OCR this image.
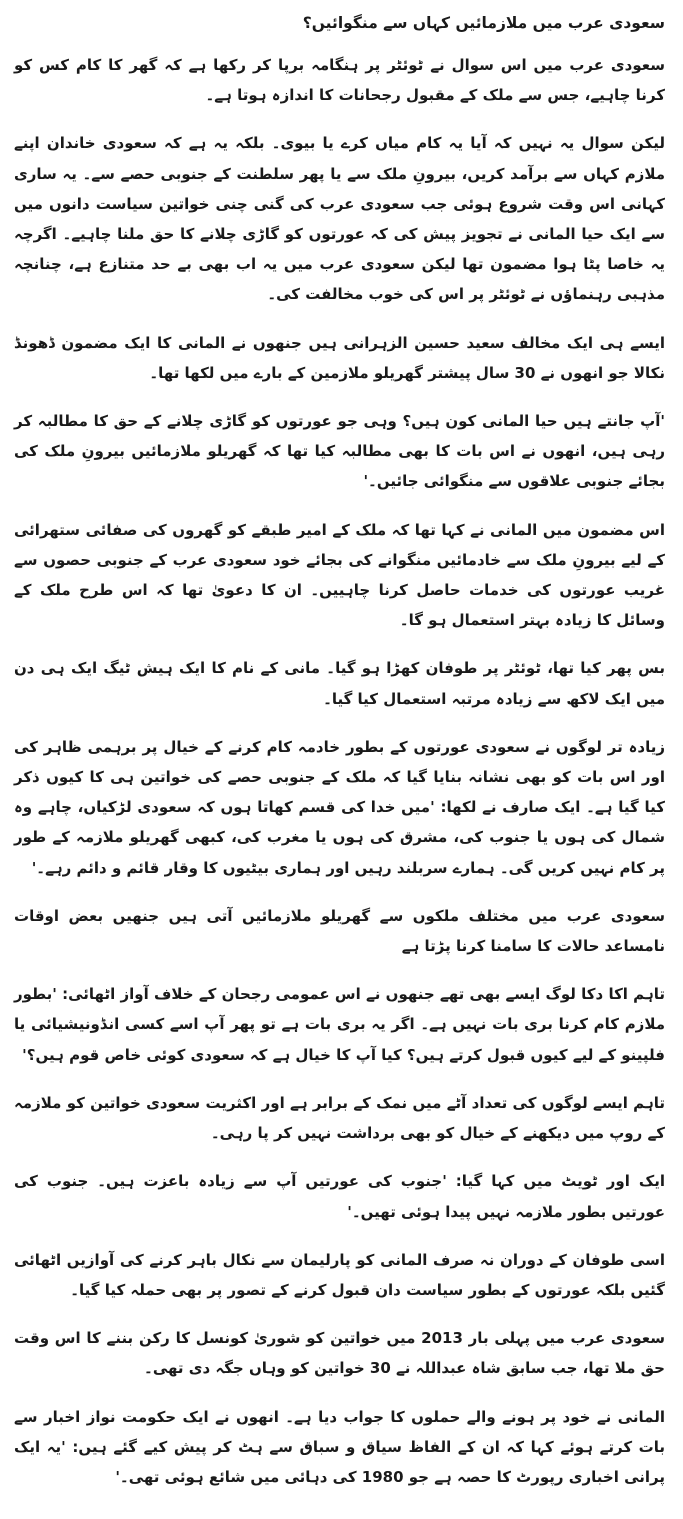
سعودی عرب میں ملازمائیں کہاں سے منگوائیں؟

سعودی عرب میں اس سوال نے ٹوئٹر پر ہنگامہ برپا کر رکھا ہے کہ گھر کا کام کس کو کرنا چاہیے، جس سے ملک کے مقبول رجحانات کا اندازہ ہوتا ہے۔

لیکن سوال یہ نہیں کہ آیا یہ کام میاں کرے یا بیوی۔ بلکہ یہ ہے کہ سعودی خاندان اپنے ملازم کہاں سے برآمد کریں، بیرونِ ملک سے یا پھر سلطنت کے جنوبی حصے سے۔ یہ ساری کہانی اس وقت شروع ہوئی جب سعودی عرب کی گنی چنی خواتین سیاست دانوں میں سے ایک حیا المانی نے تجویز پیش کی کہ عورتوں کو گاڑی چلانے کا حق ملنا چاہیے۔ اگرچہ یہ خاصا پٹا ہوا مضمون تھا لیکن سعودی عرب میں یہ اب بھی بے حد متنازع ہے، چنانچہ مذہبی رہنماؤں نے ٹوئٹر پر اس کی خوب مخالفت کی۔

ایسے ہی ایک مخالف سعید حسین الزہرانی ہیں جنھوں نے المانی کا ایک مضمون ڈھونڈ نکالا جو انھوں نے 30 سال پیشتر گھریلو ملازمین کے بارے میں لکھا تھا۔

'آپ جانتے ہیں حیا المانی کون ہیں؟ وہی جو عورتوں کو گاڑی چلانے کے حق کا مطالبہ کر رہی ہیں، انھوں نے اس بات کا بھی مطالبہ کیا تھا کہ گھریلو ملازمائیں بیرونِ ملک کی بجائے جنوبی علاقوں سے منگوائی جائیں۔'

اس مضمون میں المانی نے کہا تھا کہ ملک کے امیر طبقے کو گھروں کی صفائی ستھرائی کے لیے بیرونِ ملک سے خادمائیں منگوانے کی بجائے خود سعودی عرب کے جنوبی حصوں سے غریب عورتوں کی خدمات حاصل کرنا چاہییں۔ ان کا دعویٰ تھا کہ اس طرح ملک کے وسائل کا زیادہ بہتر استعمال ہو گا۔

بس پھر کیا تھا، ٹوئٹر پر طوفان کھڑا ہو گیا۔ مانی کے نام کا ایک ہیش ٹیگ ایک ہی دن میں ایک لاکھ سے زیادہ مرتبہ استعمال کیا گیا۔

زیادہ تر لوگوں نے سعودی عورتوں کے بطور خادمہ کام کرنے کے خیال پر برہمی ظاہر کی اور اس بات کو بھی نشانہ بنایا گیا کہ ملک کے جنوبی حصے کی خواتین ہی کا کیوں ذکر کیا گیا ہے۔ ایک صارف نے لکھا: 'میں خدا کی قسم کھاتا ہوں کہ سعودی لڑکیاں، چاہے وہ شمال کی ہوں یا جنوب کی، مشرق کی ہوں یا مغرب کی، کبھی گھریلو ملازمہ کے طور پر کام نہیں کریں گی۔ ہمارے سربلند رہیں اور ہماری بیٹیوں کا وقار قائم و دائم رہے۔'

سعودی عرب میں مختلف ملکوں سے گھریلو ملازمائیں آتی ہیں جنھیں بعض اوقات نامساعد حالات کا سامنا کرنا پڑتا ہے

تاہم اکا دکا لوگ ایسے بھی تھے جنھوں نے اس عمومی رجحان کے خلاف آواز اٹھائی: 'بطور ملازم کام کرنا بری بات نہیں ہے۔ اگر یہ بری بات ہے تو پھر آپ اسے کسی انڈونیشیائی یا فلپینو کے لیے کیوں قبول کرتے ہیں؟ کیا آپ کا خیال ہے کہ سعودی کوئی خاص قوم ہیں؟'

تاہم ایسے لوگوں کی تعداد آٹے میں نمک کے برابر ہے اور اکثریت سعودی خواتین کو ملازمہ کے روپ میں دیکھنے کے خیال کو بھی برداشت نہیں کر پا رہی۔

ایک اور ٹویٹ میں کہا گیا: 'جنوب کی عورتیں آپ سے زیادہ باعزت ہیں۔ جنوب کی عورتیں بطور ملازمہ نہیں پیدا ہوئی تھیں۔'

اسی طوفان کے دوران نہ صرف المانی کو پارلیمان سے نکال باہر کرنے کی آوازیں اٹھائی گئیں بلکہ عورتوں کے بطور سیاست دان قبول کرنے کے تصور پر بھی حملہ کیا گیا۔

سعودی عرب میں پہلی بار 2013 میں خواتین کو شوریٰ کونسل کا رکن بننے کا اس وقت حق ملا تھا، جب سابق شاہ عبداللہ نے 30 خواتین کو وہاں جگہ دی تھی۔

المانی نے خود پر ہونے والے حملوں کا جواب دیا ہے۔ انھوں نے ایک حکومت نواز اخبار سے بات کرتے ہوئے کہا کہ ان کے الفاظ سیاق و سباق سے ہٹ کر پیش کیے گئے ہیں: 'یہ ایک پرانی اخباری رپورٹ کا حصہ ہے جو 1980 کی دہائی میں شائع ہوئی تھی۔'
